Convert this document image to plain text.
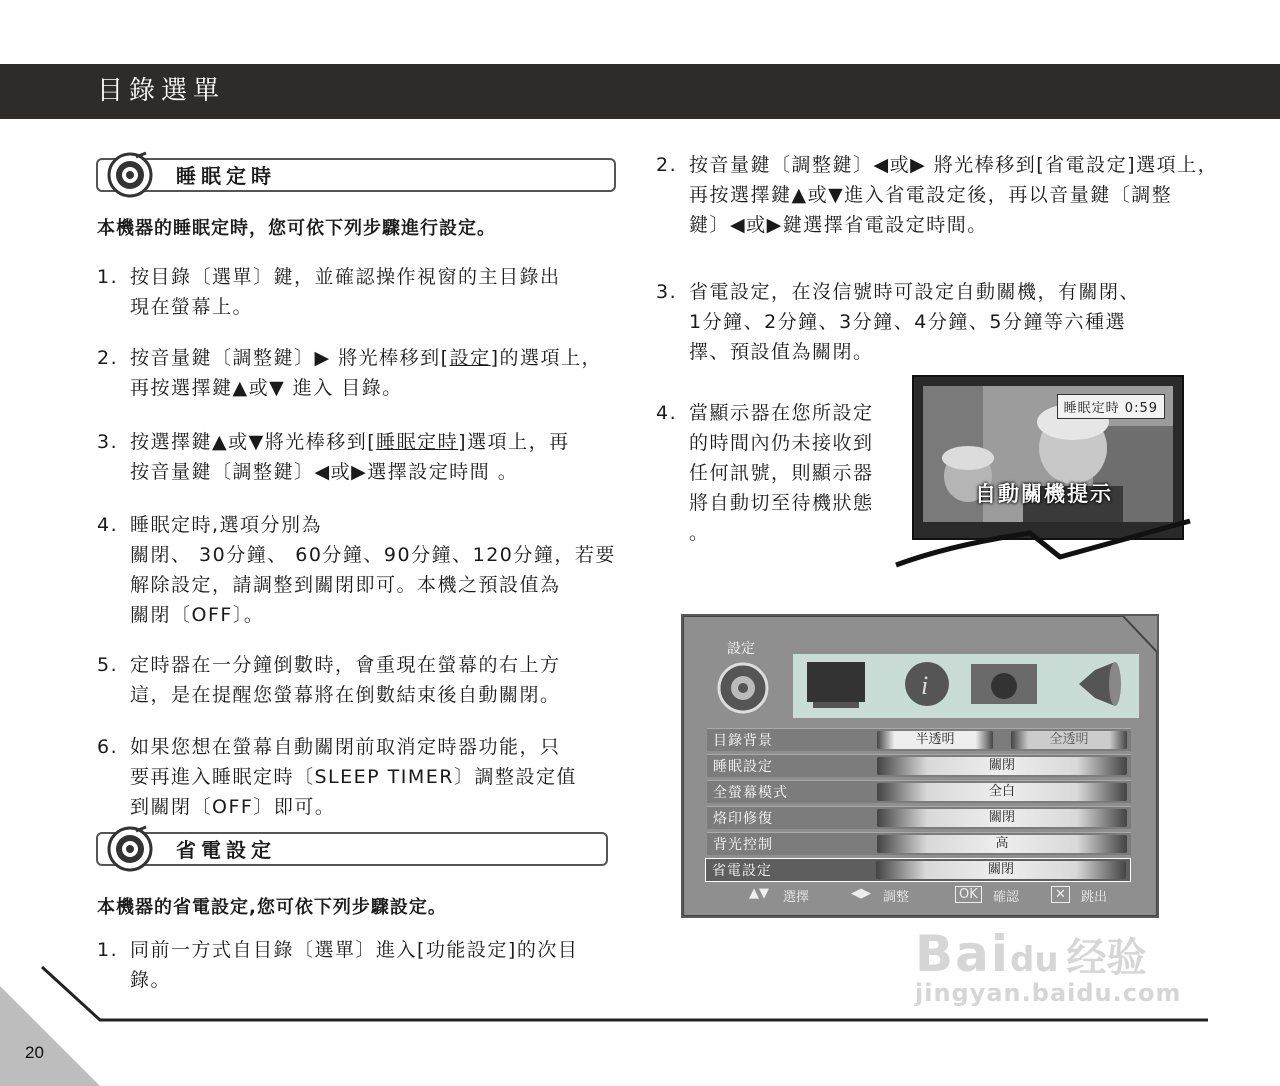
目錄選單
睡眠定時
本機器的睡眠定時，您可依下列步驟進行設定。
1. 按目錄〔選單〕鍵，並確認操作視窗的主目錄出
現在螢幕上。
2. 按音量鍵〔調整鍵〕▶ 將光棒移到[設定]的選項上，
再按選擇鍵▲或▼ 進入 目錄。
3. 按選擇鍵▲或▼將光棒移到[睡眠定時]選項上，再
按音量鍵〔調整鍵〕◀或▶選擇設定時間 。
4. 睡眠定時,選項分別為
關閉、 30分鐘、 60分鐘、90分鐘、120分鐘，若要
解除設定，請調整到關閉即可。本機之預設值為
關閉〔OFF〕。
5. 定時器在一分鐘倒數時，會重現在螢幕的右上方
這，是在提醒您螢幕將在倒數結束後自動關閉。
6. 如果您想在螢幕自動關閉前取消定時器功能，只
要再進入睡眠定時〔SLEEP TIMER〕調整設定值
到關閉〔OFF〕即可。
省電設定
本機器的省電設定,您可依下列步驟設定。
1. 同前一方式自目錄〔選單〕進入[功能設定]的次目
錄。
2. 按音量鍵〔調整鍵〕◀或▶ 將光棒移到[省電設定]選項上，
再按選擇鍵▲或▼進入省電設定後，再以音量鍵〔調整
鍵〕◀或▶鍵選擇省電設定時間。
3. 省電設定，在沒信號時可設定自動關機，有關閉、
1分鐘、2分鐘、3分鐘、4分鐘、5分鐘等六種選
擇、預設值為關閉。
4. 當顯示器在您所設定
的時間內仍未接收到
任何訊號，則顯示器
將自動切至待機狀態
。
睡眠定時 0:59
自動關機提示
設定
i
目錄背景	半透明	全透明
睡眠設定	關閉
全螢幕模式	全白
烙印修復	關閉
背光控制	高
省電設定	關閉
▲▼ 選擇	◀▶ 調整	OK	確認	✕	跳出
20
Baidu 经验
jingyan.baidu.com
